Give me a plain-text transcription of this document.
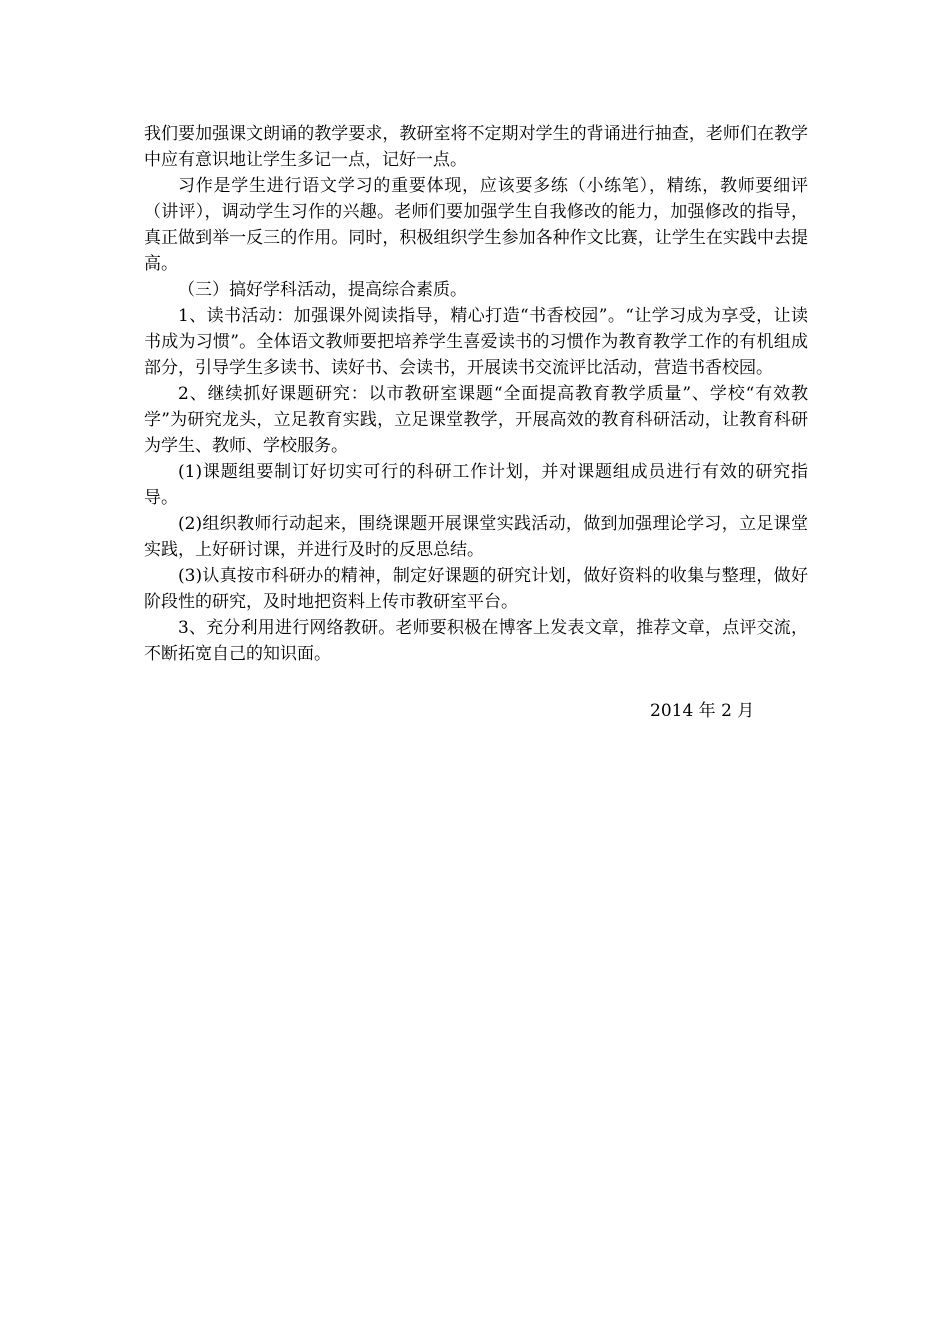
我们要加强课文朗诵的教学要求，教研室将不定期对学生的背诵进行抽查，老师们在教学中应有意识地让学生多记一点，记好一点。

习作是学生进行语文学习的重要体现，应该要多练（小练笔），精练，教师要细评（讲评），调动学生习作的兴趣。老师们要加强学生自我修改的能力，加强修改的指导，真正做到举一反三的作用。同时，积极组织学生参加各种作文比赛，让学生在实践中去提高。

（三）搞好学科活动，提高综合素质。

1、读书活动：加强课外阅读指导，精心打造“书香校园”。“让学习成为享受，让读书成为习惯”。全体语文教师要把培养学生喜爱读书的习惯作为教育教学工作的有机组成部分，引导学生多读书、读好书、会读书，开展读书交流评比活动，营造书香校园。

2、继续抓好课题研究：以市教研室课题“全面提高教育教学质量”、学校“有效教学”为研究龙头，立足教育实践，立足课堂教学，开展高效的教育科研活动，让教育科研为学生、教师、学校服务。

(1)课题组要制订好切实可行的科研工作计划，并对课题组成员进行有效的研究指导。

(2)组织教师行动起来，围绕课题开展课堂实践活动，做到加强理论学习，立足课堂实践，上好研讨课，并进行及时的反思总结。

(3)认真按市科研办的精神，制定好课题的研究计划，做好资料的收集与整理，做好阶段性的研究，及时地把资料上传市教研室平台。

3、充分利用进行网络教研。老师要积极在博客上发表文章，推荐文章，点评交流，不断拓宽自己的知识面。

2014 年 2 月
